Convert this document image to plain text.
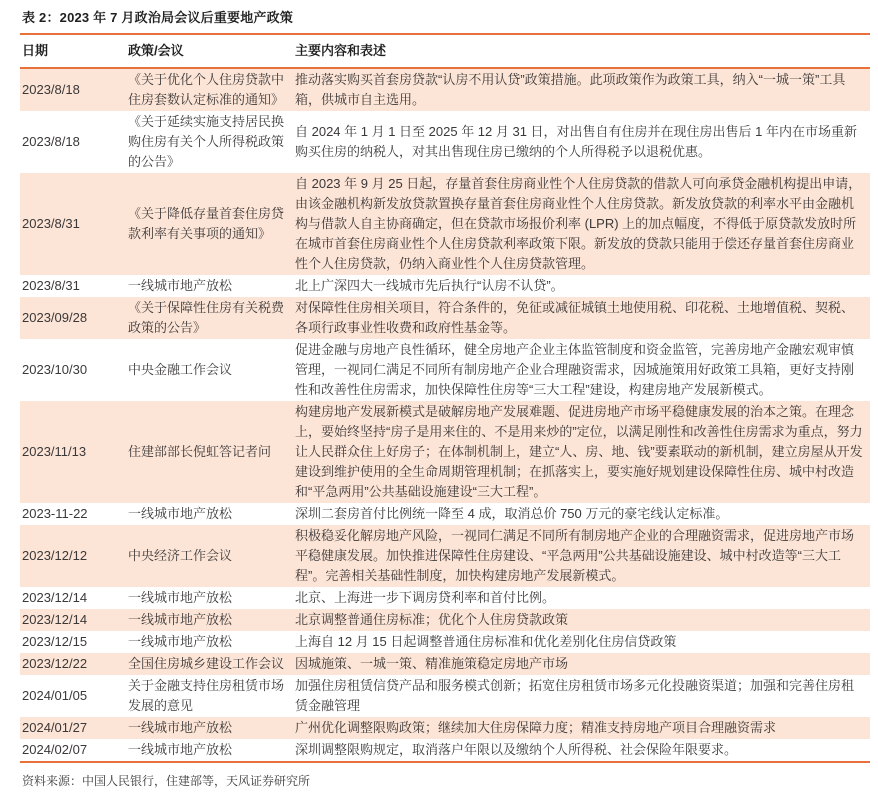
表 2：2023 年 7 月政治局会议后重要地产政策
日期	政策/会议	主要内容和表述
2023/8/18	《关于优化个人住房贷款中住房套数认定标准的通知》	推动落实购买首套房贷款“认房不用认贷”政策措施。此项政策作为政策工具，纳入“一城一策”工具箱，供城市自主选用。
2023/8/18	《关于延续实施支持居民换购住房有关个人所得税政策的公告》	自 2024 年 1 月 1 日至 2025 年 12 月 31 日，对出售自有住房并在现住房出售后 1 年内在市场重新购买住房的纳税人，对其出售现住房已缴纳的个人所得税予以退税优惠。
2023/8/31	《关于降低存量首套住房贷款利率有关事项的通知》	自 2023 年 9 月 25 日起，存量首套住房商业性个人住房贷款的借款人可向承贷金融机构提出申请，由该金融机构新发放贷款置换存量首套住房商业性个人住房贷款。新发放贷款的利率水平由金融机构与借款人自主协商确定，但在贷款市场报价利率 (LPR) 上的加点幅度，不得低于原贷款发放时所在城市首套住房商业性个人住房贷款利率政策下限。新发放的贷款只能用于偿还存量首套住房商业性个人住房贷款，仍纳入商业性个人住房贷款管理。
2023/8/31	一线城市地产放松	北上广深四大一线城市先后执行“认房不认贷”。
2023/09/28	《关于保障性住房有关税费政策的公告》	对保障性住房相关项目，符合条件的，免征或减征城镇土地使用税、印花税、土地增值税、契税、各项行政事业性收费和政府性基金等。
2023/10/30	中央金融工作会议	促进金融与房地产良性循环，健全房地产企业主体监管制度和资金监管，完善房地产金融宏观审慎管理，一视同仁满足不同所有制房地产企业合理融资需求，因城施策用好政策工具箱，更好支持刚性和改善性住房需求，加快保障性住房等“三大工程”建设，构建房地产发展新模式。
2023/11/13	住建部部长倪虹答记者问	构建房地产发展新模式是破解房地产发展难题、促进房地产市场平稳健康发展的治本之策。在理念上，要始终坚持“房子是用来住的、不是用来炒的”定位，以满足刚性和改善性住房需求为重点，努力让人民群众住上好房子；在体制机制上，建立“人、房、地、钱”要素联动的新机制，建立房屋从开发建设到维护使用的全生命周期管理机制；在抓落实上，要实施好规划建设保障性住房、城中村改造和“平急两用”公共基础设施建设“三大工程”。
2023-11-22	一线城市地产放松	深圳二套房首付比例统一降至 4 成，取消总价 750 万元的豪宅线认定标准。
2023/12/12	中央经济工作会议	积极稳妥化解房地产风险，一视同仁满足不同所有制房地产企业的合理融资需求，促进房地产市场平稳健康发展。加快推进保障性住房建设、“平急两用”公共基础设施建设、城中村改造等“三大工程”。完善相关基础性制度，加快构建房地产发展新模式。
2023/12/14	一线城市地产放松	北京、上海进一步下调房贷利率和首付比例。
2023/12/14	一线城市地产放松	北京调整普通住房标准；优化个人住房贷款政策
2023/12/15	一线城市地产放松	上海自 12 月 15 日起调整普通住房标准和优化差别化住房信贷政策
2023/12/22	全国住房城乡建设工作会议	因城施策、一城一策、精准施策稳定房地产市场
2024/01/05	关于金融支持住房租赁市场发展的意见	加强住房租赁信贷产品和服务模式创新；拓宽住房租赁市场多元化投融资渠道；加强和完善住房租赁金融管理
2024/01/27	一线城市地产放松	广州优化调整限购政策；继续加大住房保障力度；精准支持房地产项目合理融资需求
2024/02/07	一线城市地产放松	深圳调整限购规定，取消落户年限以及缴纳个人所得税、社会保险年限要求。
资料来源：中国人民银行，住建部等，天风证券研究所
